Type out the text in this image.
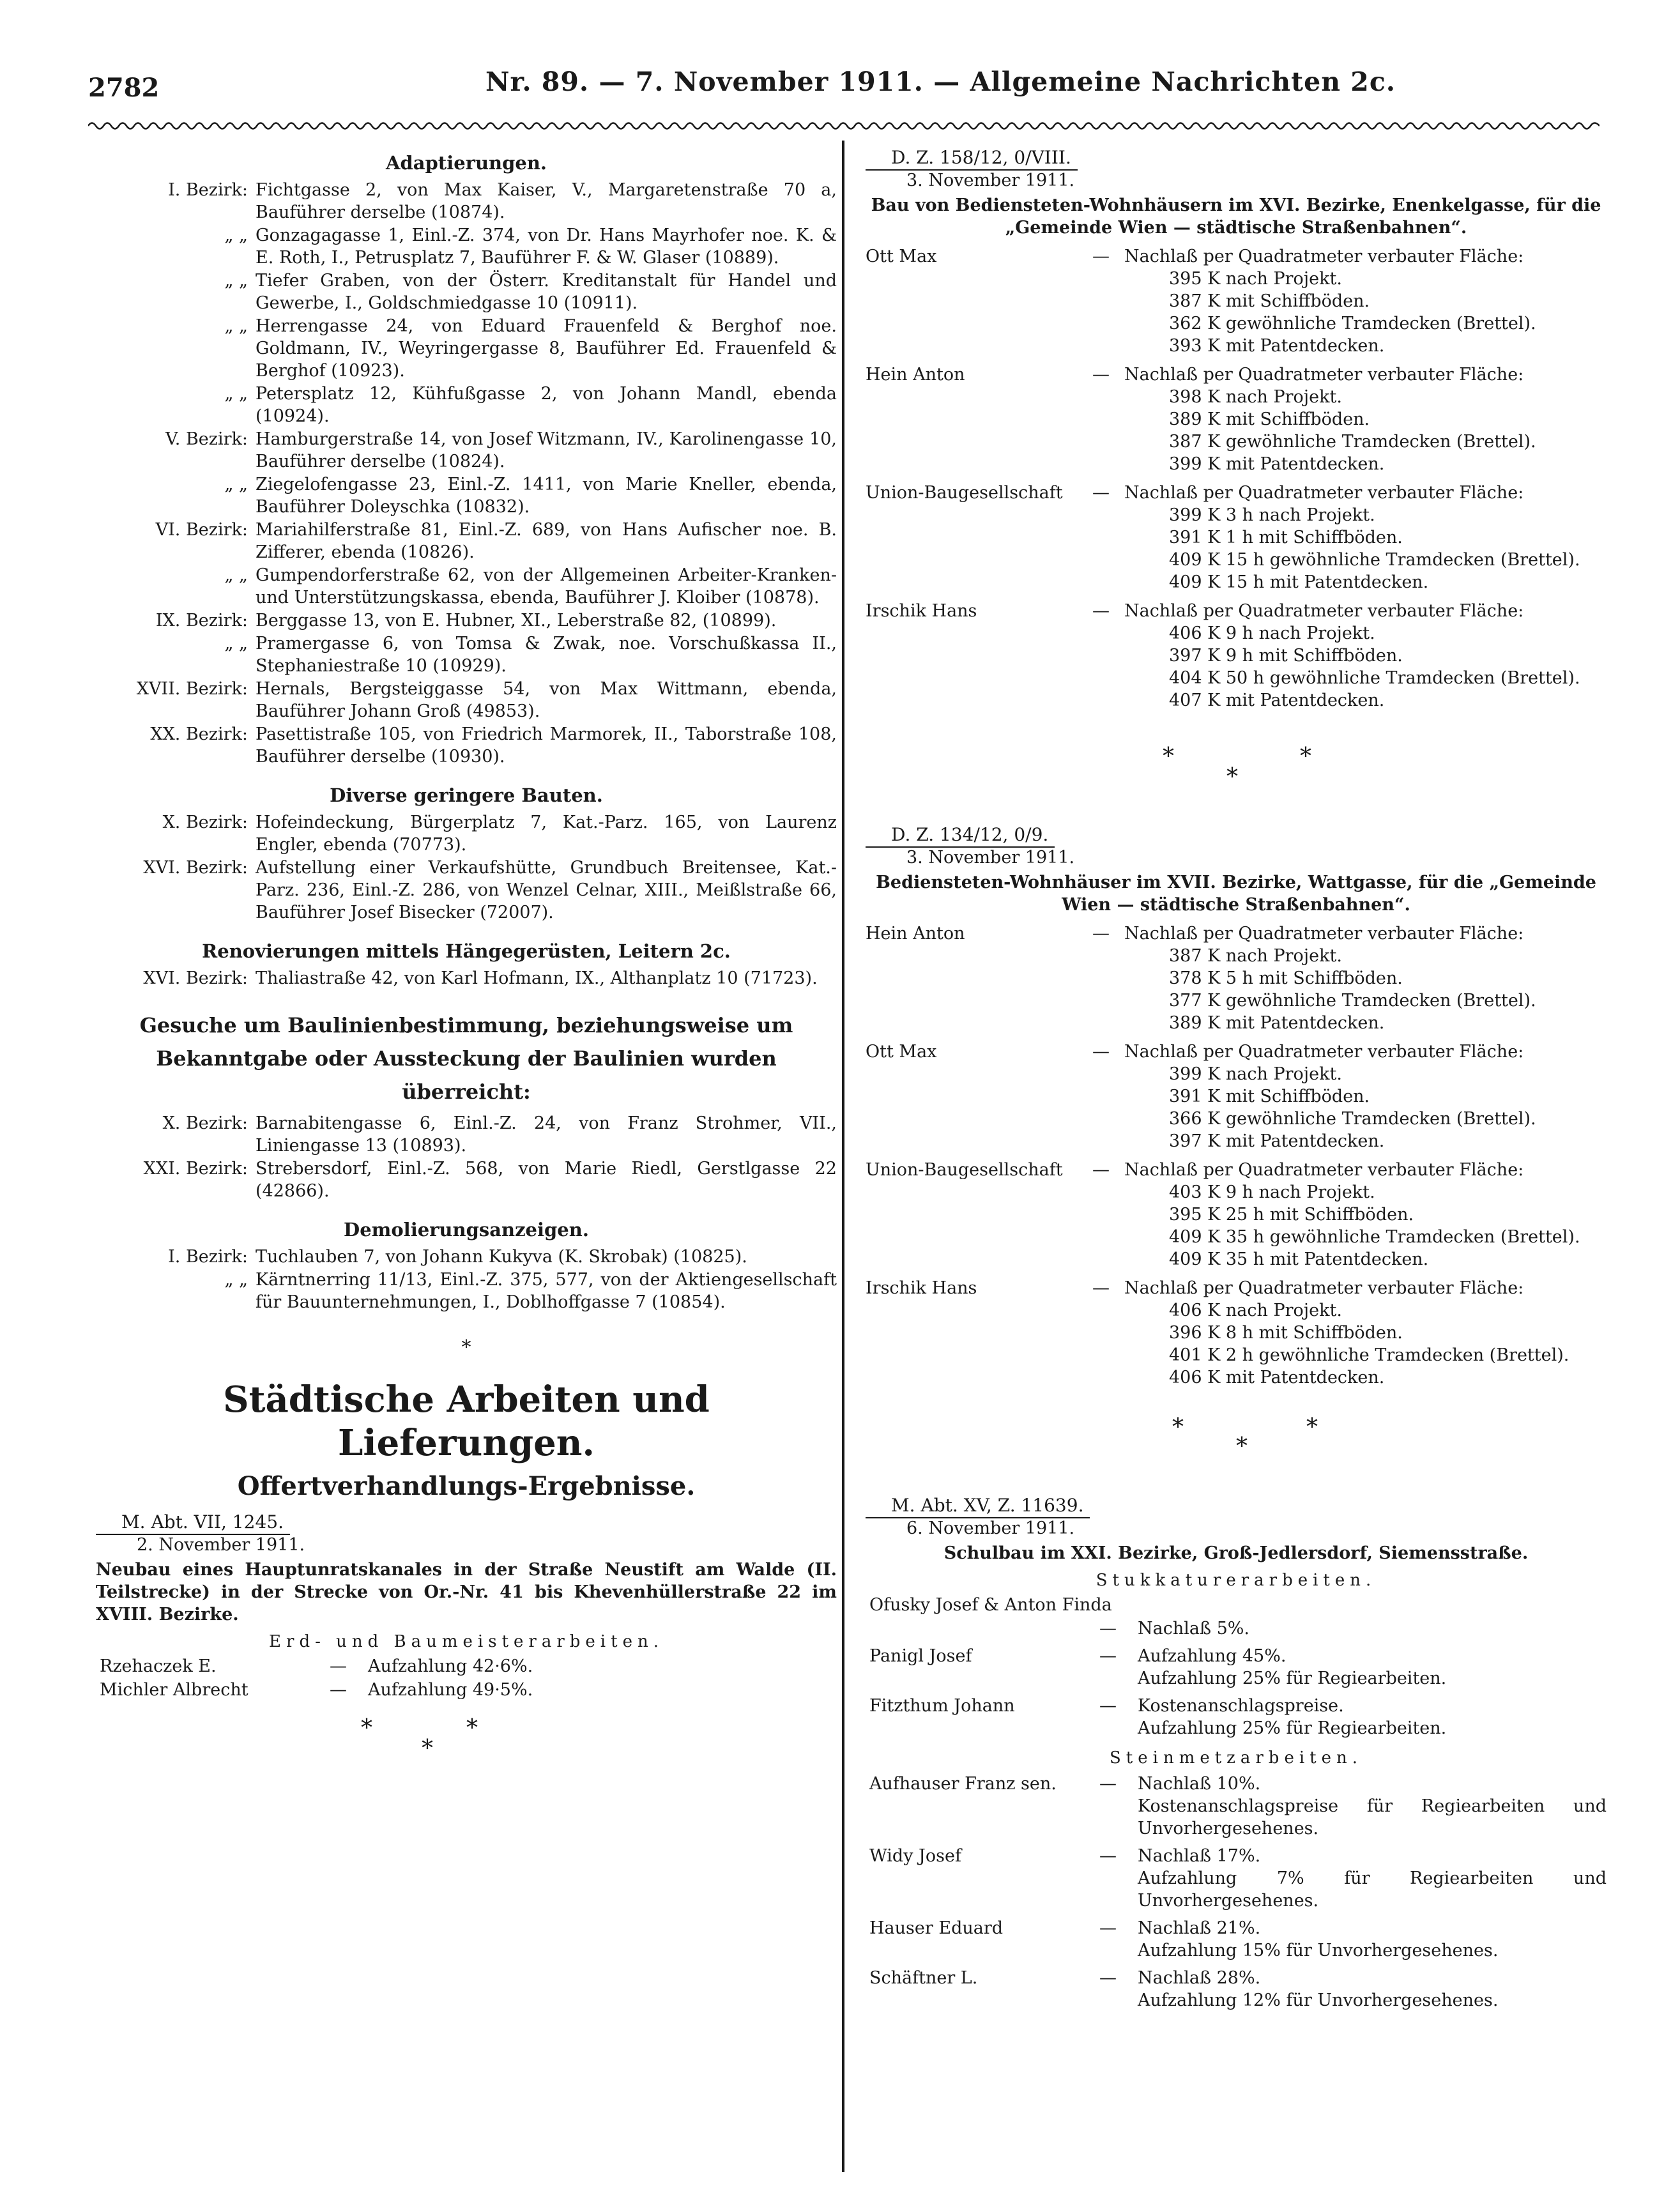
2782	Nr. 89. — 7. November 1911. — Allgemeine Nachrichten 2c.
Adaptierungen.
I. Bezirk: Fichtgasse 2, von Max Kaiser, V., Margaretenstraße 70 a, Bauführer derselbe (10874).
„ „ Gonzagagasse 1, Einl.-Z. 374, von Dr. Hans Mayrhofer noe. K. & E. Roth, I., Petrusplatz 7, Bauführer F. & W. Glaser (10889).
„ „ Tiefer Graben, von der Österr. Kreditanstalt für Handel und Gewerbe, I., Goldschmiedgasse 10 (10911).
„ „ Herrengasse 24, von Eduard Frauenfeld & Berghof noe. Goldmann, IV., Weyringergasse 8, Bauführer Ed. Frauenfeld & Berghof (10923).
„ „ Petersplatz 12, Kühfußgasse 2, von Johann Mandl, ebenda (10924).
V. Bezirk: Hamburgerstraße 14, von Josef Witzmann, IV., Karolinengasse 10, Bauführer derselbe (10824).
„ „ Ziegelofengasse 23, Einl.-Z. 1411, von Marie Kneller, ebenda, Bauführer Doleyschka (10832).
VI. Bezirk: Mariahilferstraße 81, Einl.-Z. 689, von Hans Aufischer noe. B. Zifferer, ebenda (10826).
„ „ Gumpendorferstraße 62, von der Allgemeinen Arbeiter-Kranken- und Unterstützungskassa, ebenda, Bauführer J. Kloiber (10878).
IX. Bezirk: Berggasse 13, von E. Hubner, XI., Leberstraße 82, (10899).
„ „ Pramergasse 6, von Tomsa & Zwak, noe. Vorschußkassa II., Stephaniestraße 10 (10929).
XVII. Bezirk: Hernals, Bergsteiggasse 54, von Max Wittmann, ebenda, Bauführer Johann Groß (49853).
XX. Bezirk: Pasettistraße 105, von Friedrich Marmorek, II., Taborstraße 108, Bauführer derselbe (10930).
Diverse geringere Bauten.
X. Bezirk: Hofeindeckung, Bürgerplatz 7, Kat.-Parz. 165, von Laurenz Engler, ebenda (70773).
XVI. Bezirk: Aufstellung einer Verkaufshütte, Grundbuch Breitensee, Kat.-Parz. 236, Einl.-Z. 286, von Wenzel Celnar, XIII., Meißlstraße 66, Bauführer Josef Bisecker (72007).
Renovierungen mittels Hängegerüsten, Leitern 2c.
XVI. Bezirk: Thaliastraße 42, von Karl Hofmann, IX., Althanplatz 10 (71723).
Gesuche um Baulinienbestimmung, beziehungsweise um Bekanntgabe oder Aussteckung der Baulinien wurden überreicht:
X. Bezirk: Barnabitengasse 6, Einl.-Z. 24, von Franz Strohmer, VII., Liniengasse 13 (10893).
XXI. Bezirk: Strebersdorf, Einl.-Z. 568, von Marie Riedl, Gerstlgasse 22 (42866).
Demolierungsanzeigen.
I. Bezirk: Tuchlauben 7, von Johann Kukyva (K. Skrobak) (10825).
„ „ Kärntnerring 11/13, Einl.-Z. 375, 577, von der Aktiengesellschaft für Bauunternehmungen, I., Doblhoffgasse 7 (10854).
*
Städtische Arbeiten und Lieferungen.
Offertverhandlungs-Ergebnisse.
M. Abt. VII, 1245.
2. November 1911.
Neubau eines Hauptunratskanales in der Straße Neustift am Walde (II. Teilstrecke) in der Strecke von Or.-Nr. 41 bis Khevenhüllerstraße 22 im XVIII. Bezirke.
Erd- und Baumeisterarbeiten.
Rzehaczek E.	—	Aufzahlung 42·6%.
Michler Albrecht	—	Aufzahlung 49·5%.
*	*
*
D. Z. 158/12, 0/VIII.
3. November 1911.
Bau von Bediensteten-Wohnhäusern im XVI. Bezirke, Enenkelgasse, für die „Gemeinde Wien — städtische Straßenbahnen“.
Ott Max	— Nachlaß per Quadratmeter verbauter Fläche:
395 K nach Projekt.
387 K mit Schiffböden.
362 K gewöhnliche Tramdecken (Brettel).
393 K mit Patentdecken.
Hein Anton	— Nachlaß per Quadratmeter verbauter Fläche:
398 K nach Projekt.
389 K mit Schiffböden.
387 K gewöhnliche Tramdecken (Brettel).
399 K mit Patentdecken.
Union-Baugesellschaft	— Nachlaß per Quadratmeter verbauter Fläche:
399 K 3 h nach Projekt.
391 K 1 h mit Schiffböden.
409 K 15 h gewöhnliche Tramdecken (Brettel).
409 K 15 h mit Patentdecken.
Irschik Hans	— Nachlaß per Quadratmeter verbauter Fläche:
406 K 9 h nach Projekt.
397 K 9 h mit Schiffböden.
404 K 50 h gewöhnliche Tramdecken (Brettel).
407 K mit Patentdecken.
*	*
*
D. Z. 134/12, 0/9.
3. November 1911.
Bediensteten-Wohnhäuser im XVII. Bezirke, Wattgasse, für die „Gemeinde Wien — städtische Straßenbahnen“.
Hein Anton	— Nachlaß per Quadratmeter verbauter Fläche:
387 K nach Projekt.
378 K 5 h mit Schiffböden.
377 K gewöhnliche Tramdecken (Brettel).
389 K mit Patentdecken.
Ott Max	— Nachlaß per Quadratmeter verbauter Fläche:
399 K nach Projekt.
391 K mit Schiffböden.
366 K gewöhnliche Tramdecken (Brettel).
397 K mit Patentdecken.
Union-Baugesellschaft	— Nachlaß per Quadratmeter verbauter Fläche:
403 K 9 h nach Projekt.
395 K 25 h mit Schiffböden.
409 K 35 h gewöhnliche Tramdecken (Brettel).
409 K 35 h mit Patentdecken.
Irschik Hans	— Nachlaß per Quadratmeter verbauter Fläche:
406 K nach Projekt.
396 K 8 h mit Schiffböden.
401 K 2 h gewöhnliche Tramdecken (Brettel).
406 K mit Patentdecken.
*	*
*
M. Abt. XV, Z. 11639.
6. November 1911.
Schulbau im XXI. Bezirke, Groß-Jedlersdorf, Siemensstraße.
Stukkaturerarbeiten.
Ofusky Josef & Anton Finda
—	Nachlaß 5%.
Panigl Josef	—	Aufzahlung 45%.
Aufzahlung 25% für Regiearbeiten.
Fitzthum Johann	—	Kostenanschlagspreise.
Aufzahlung 25% für Regiearbeiten.
Steinmetzarbeiten.
Aufhauser Franz sen.	—	Nachlaß 10%.
Kostenanschlagspreise für Regiearbeiten und Unvorhergesehenes.
Widy Josef	—	Nachlaß 17%.
Aufzahlung 7% für Regiearbeiten und Unvorhergesehenes.
Hauser Eduard	—	Nachlaß 21%.
Aufzahlung 15% für Unvorhergesehenes.
Schäftner L.	—	Nachlaß 28%.
Aufzahlung 12% für Unvorhergesehenes.
